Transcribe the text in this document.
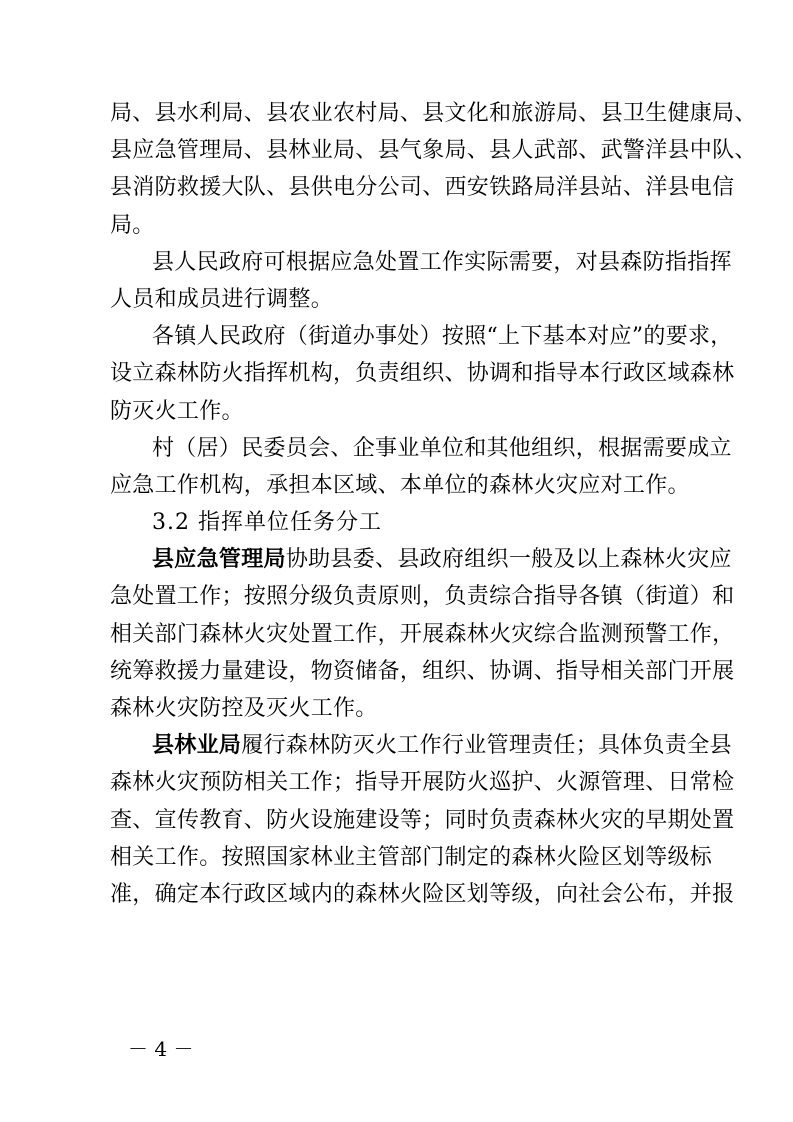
局、县水利局、县农业农村局、县文化和旅游局、县卫生健康局、
县应急管理局、县林业局、县气象局、县人武部、武警洋县中队、
县消防救援大队、县供电分公司、西安铁路局洋县站、洋县电信
局。
县人民政府可根据应急处置工作实际需要，对县森防指指挥
人员和成员进行调整。
各镇人民政府（街道办事处）按照“上下基本对应”的要求，
设立森林防火指挥机构，负责组织、协调和指导本行政区域森林
防灭火工作。
村（居）民委员会、企事业单位和其他组织，根据需要成立
应急工作机构，承担本区域、本单位的森林火灾应对工作。
3.2 指挥单位任务分工
县应急管理局协助县委、县政府组织一般及以上森林火灾应
急处置工作；按照分级负责原则，负责综合指导各镇（街道）和
相关部门森林火灾处置工作，开展森林火灾综合监测预警工作，
统筹救援力量建设，物资储备，组织、协调、指导相关部门开展
森林火灾防控及灭火工作。
县林业局履行森林防灭火工作行业管理责任；具体负责全县
森林火灾预防相关工作；指导开展防火巡护、火源管理、日常检
查、宣传教育、防火设施建设等；同时负责森林火灾的早期处置
相关工作。按照国家林业主管部门制定的森林火险区划等级标
准，确定本行政区域内的森林火险区划等级，向社会公布，并报
－ 4 －
